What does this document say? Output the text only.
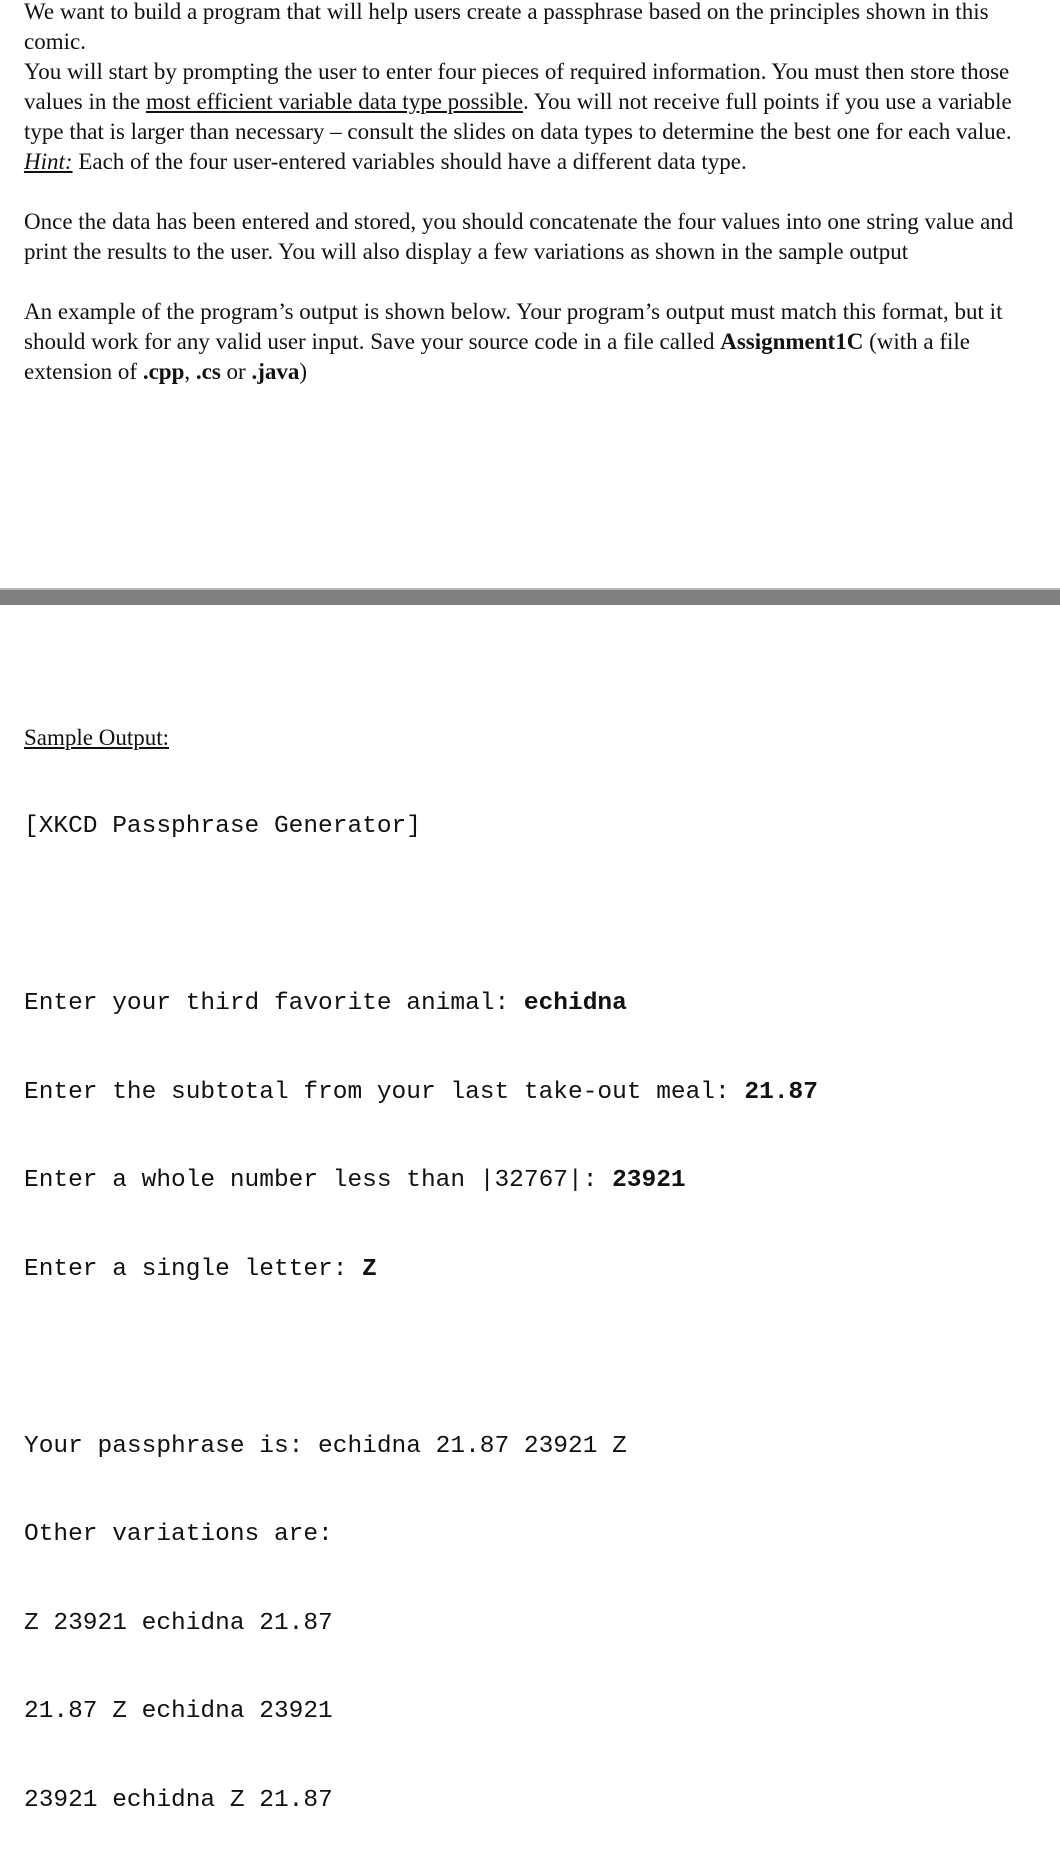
We want to build a program that will help users create a passphrase based on the principles shown in this comic.

You will start by prompting the user to enter four pieces of required information. You must then store those values in the most efficient variable data type possible. You will not receive full points if you use a variable type that is larger than necessary – consult the slides on data types to determine the best one for each value.

Hint: Each of the four user-entered variables should have a different data type.

Once the data has been entered and stored, you should concatenate the four values into one string value and print the results to the user. You will also display a few variations as shown in the sample output

An example of the program’s output is shown below. Your program’s output must match this format, but it should work for any valid user input. Save your source code in a file called Assignment1C (with a file extension of .cpp, .cs or .java)

Sample Output:

[XKCD Passphrase Generator]

Enter your third favorite animal: echidna

Enter the subtotal from your last take-out meal: 21.87

Enter a whole number less than |32767|: 23921

Enter a single letter: Z

Your passphrase is: echidna 21.87 23921 Z

Other variations are:

Z 23921 echidna 21.87

21.87 Z echidna 23921

23921 echidna Z 21.87
